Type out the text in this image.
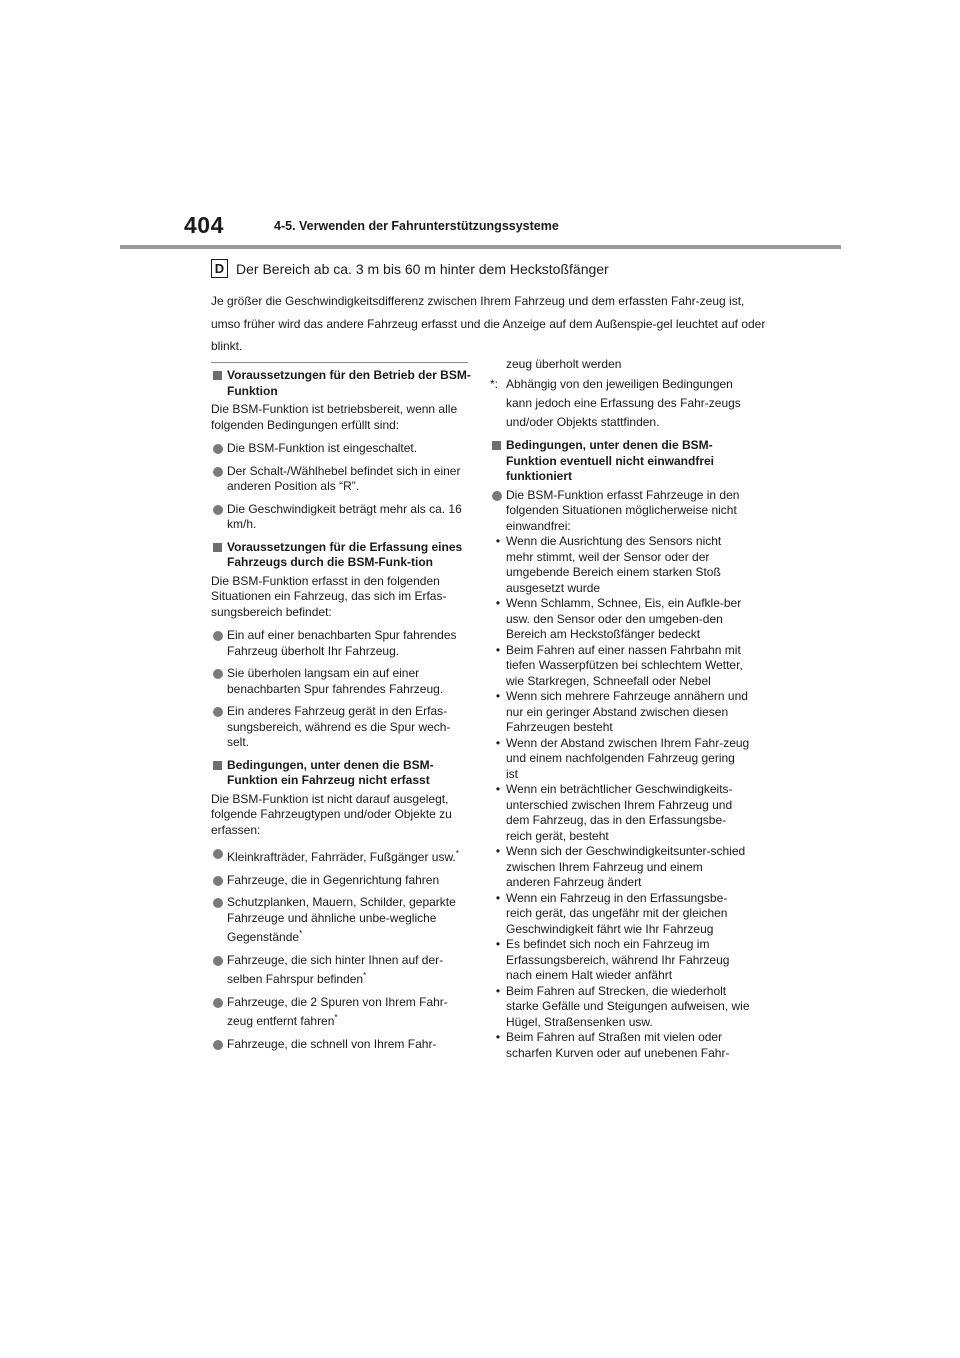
404	4-5. Verwenden der Fahrunterstützungssysteme
D Der Bereich ab ca. 3 m bis 60 m hinter dem Heckstoßfänger
Je größer die Geschwindigkeitsdifferenz zwischen Ihrem Fahrzeug und dem erfassten Fahr-zeug ist, umso früher wird das andere Fahrzeug erfasst und die Anzeige auf dem Außenspie-gel leuchtet auf oder blinkt.
Voraussetzungen für den Betrieb der BSM-Funktion

Die BSM-Funktion ist betriebsbereit, wenn alle folgenden Bedingungen erfüllt sind:

Die BSM-Funktion ist eingeschaltet.
Der Schalt-/Wählhebel befindet sich in einer anderen Position als “R”.
Die Geschwindigkeit beträgt mehr als ca. 16 km/h.
Voraussetzungen für die Erfassung eines Fahrzeugs durch die BSM-Funk-tion

Die BSM-Funktion erfasst in den folgenden Situationen ein Fahrzeug, das sich im Erfas-sungsbereich befindet:

Ein auf einer benachbarten Spur fahrendes Fahrzeug überholt Ihr Fahrzeug.
Sie überholen langsam ein auf einer benachbarten Spur fahrendes Fahrzeug.
Ein anderes Fahrzeug gerät in den Erfas-sungsbereich, während es die Spur wech-selt.
Bedingungen, unter denen die BSM-Funktion ein Fahrzeug nicht erfasst

Die BSM-Funktion ist nicht darauf ausgelegt, folgende Fahrzeugtypen und/oder Objekte zu erfassen:

Kleinkrafträder, Fahrräder, Fußgänger usw.*
Fahrzeuge, die in Gegenrichtung fahren
Schutzplanken, Mauern, Schilder, geparkte Fahrzeuge und ähnliche unbe-wegliche Gegenstände*
Fahrzeuge, die sich hinter Ihnen auf der-selben Fahrspur befinden*
Fahrzeuge, die 2 Spuren von Ihrem Fahr-zeug entfernt fahren*
Fahrzeuge, die schnell von Ihrem Fahr-

zeug überholt werden

*: Abhängig von den jeweiligen Bedingungen kann jedoch eine Erfassung des Fahr-zeugs und/oder Objekts stattfinden.
Bedingungen, unter denen die BSM-Funktion eventuell nicht einwandfrei funktioniert
Die BSM-Funktion erfasst Fahrzeuge in den folgenden Situationen möglicherweise nicht einwandfrei:
• Wenn die Ausrichtung des Sensors nicht mehr stimmt, weil der Sensor oder der umgebende Bereich einem starken Stoß ausgesetzt wurde
• Wenn Schlamm, Schnee, Eis, ein Aufkle-ber usw. den Sensor oder den umgeben-den Bereich am Heckstoßfänger bedeckt
• Beim Fahren auf einer nassen Fahrbahn mit tiefen Wasserpfützen bei schlechtem Wetter, wie Starkregen, Schneefall oder Nebel
• Wenn sich mehrere Fahrzeuge annähern und nur ein geringer Abstand zwischen diesen Fahrzeugen besteht
• Wenn der Abstand zwischen Ihrem Fahr-zeug und einem nachfolgenden Fahrzeug gering ist
• Wenn ein beträchtlicher Geschwindigkeits-unterschied zwischen Ihrem Fahrzeug und dem Fahrzeug, das in den Erfassungsbe-reich gerät, besteht
• Wenn sich der Geschwindigkeitsunter-schied zwischen Ihrem Fahrzeug und einem anderen Fahrzeug ändert
• Wenn ein Fahrzeug in den Erfassungsbe-reich gerät, das ungefähr mit der gleichen Geschwindigkeit fährt wie Ihr Fahrzeug
• Es befindet sich noch ein Fahrzeug im Erfassungsbereich, während Ihr Fahrzeug nach einem Halt wieder anfährt
• Beim Fahren auf Strecken, die wiederholt starke Gefälle und Steigungen aufweisen, wie Hügel, Straßensenken usw.
• Beim Fahren auf Straßen mit vielen oder scharfen Kurven oder auf unebenen Fahr-
